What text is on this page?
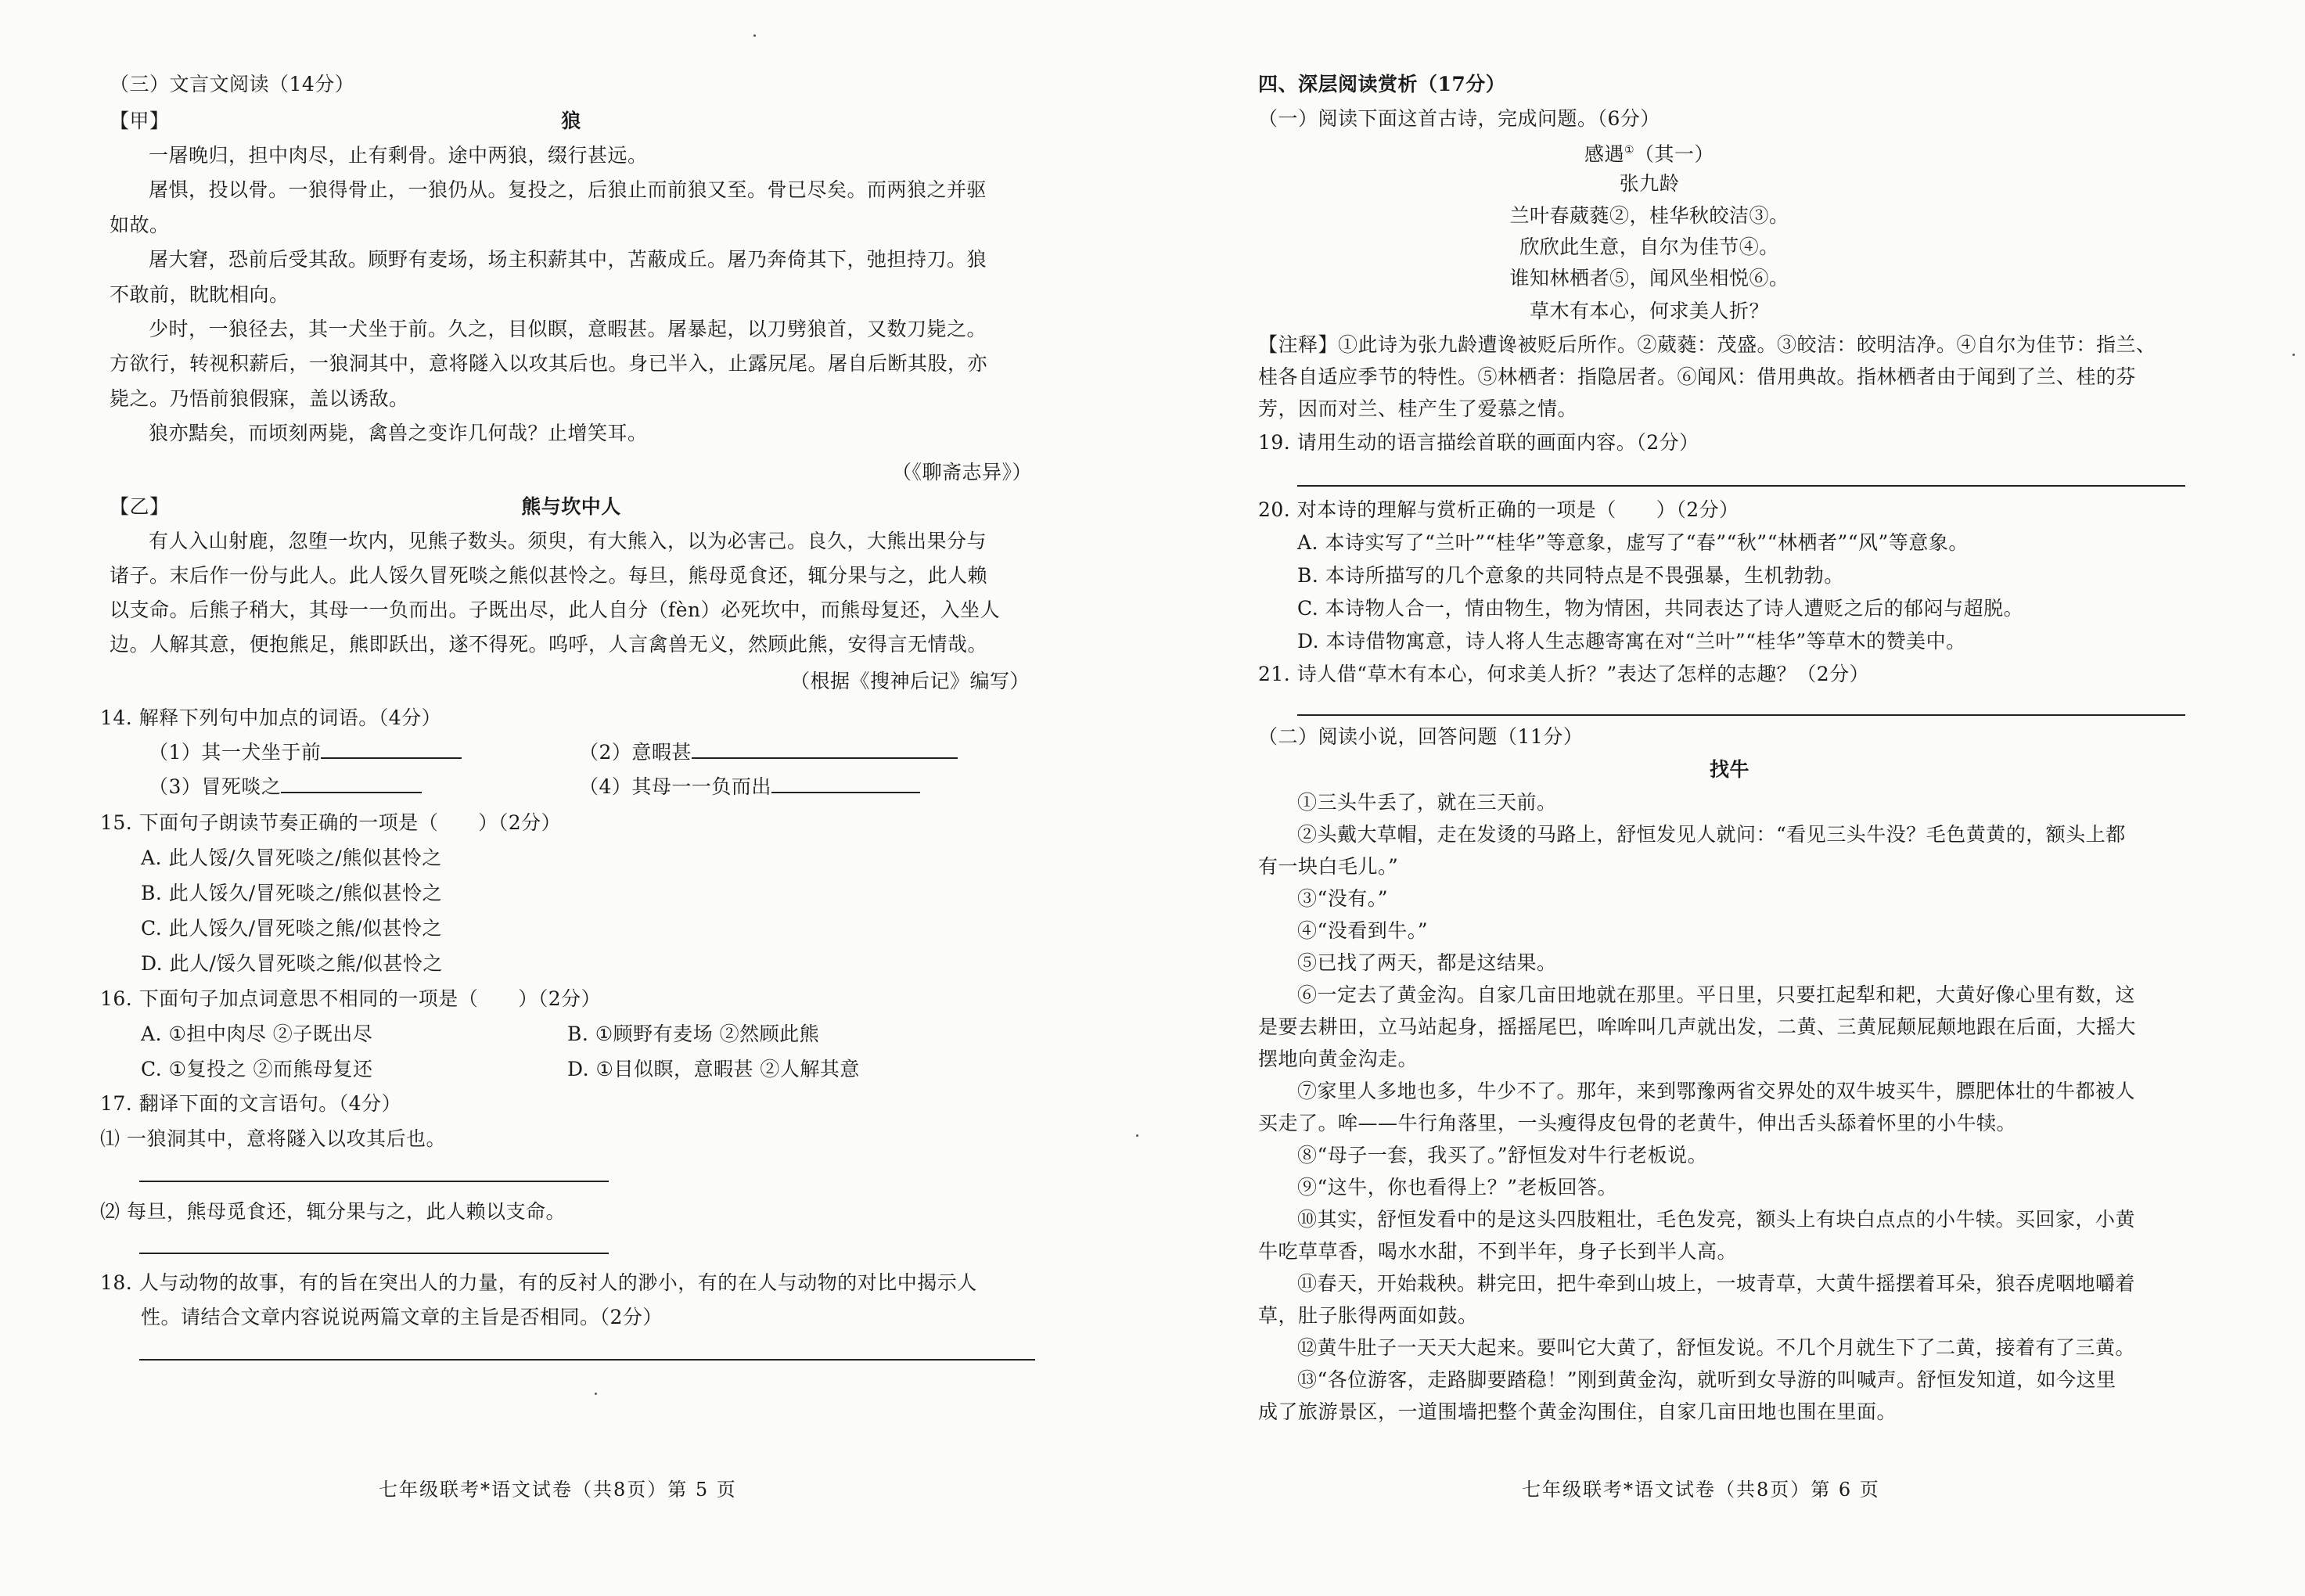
（三）文言文阅读（14分）
【甲】	狼
一屠晚归，担中肉尽，止有剩骨。途中两狼，缀行甚远。
屠惧，投以骨。一狼得骨止，一狼仍从。复投之，后狼止而前狼又至。骨已尽矣。而两狼之并驱
如故。
屠大窘，恐前后受其敌。顾野有麦场，场主积薪其中，苫蔽成丘。屠乃奔倚其下，弛担持刀。狼
不敢前，眈眈相向。
少时，一狼径去，其一犬坐于前。久之，目似瞑，意暇甚。屠暴起，以刀劈狼首，又数刀毙之。
方欲行，转视积薪后，一狼洞其中，意将隧入以攻其后也。身已半入，止露尻尾。屠自后断其股，亦
毙之。乃悟前狼假寐，盖以诱敌。
狼亦黠矣，而顷刻两毙，禽兽之变诈几何哉？止增笑耳。
（《聊斋志异》）
【乙】	熊与坎中人
有人入山射鹿，忽堕一坎内，见熊子数头。须臾，有大熊入，以为必害己。良久，大熊出果分与
诸子。末后作一份与此人。此人馁久冒死啖之熊似甚怜之。每旦，熊母觅食还，辄分果与之，此人赖
以支命。后熊子稍大，其母一一负而出。子既出尽，此人自分（fèn）必死坎中，而熊母复还，入坐人
边。人解其意，便抱熊足，熊即跃出，遂不得死。呜呼，人言禽兽无义，然顾此熊，安得言无情哉。
（根据《搜神后记》编写）
14. 解释下列句中加点的词语。（4分）
（1）其一犬坐于前	（2）意暇甚
（3）冒死啖之	（4）其母一一负而出
15. 下面句子朗读节奏正确的一项是（　　）（2分）
A. 此人馁/久冒死啖之/熊似甚怜之
B. 此人馁久/冒死啖之/熊似甚怜之
C. 此人馁久/冒死啖之熊/似甚怜之
D. 此人/馁久冒死啖之熊/似甚怜之
16. 下面句子加点词意思不相同的一项是（　　）（2分）
A. ①担中肉尽 ②子既出尽	B. ①顾野有麦场 ②然顾此熊
C. ①复投之 ②而熊母复还	D. ①目似瞑，意暇甚 ②人解其意
17. 翻译下面的文言语句。（4分）
⑴ 一狼洞其中，意将隧入以攻其后也。
⑵ 每旦，熊母觅食还，辄分果与之，此人赖以支命。
18. 人与动物的故事，有的旨在突出人的力量，有的反衬人的渺小，有的在人与动物的对比中揭示人
性。请结合文章内容说说两篇文章的主旨是否相同。（2分）
七年级联考*语文试卷（共8页）第 5 页
四、深层阅读赏析（17分）
（一）阅读下面这首古诗，完成问题。（6分）
感遇①（其一）
张九龄
兰叶春葳蕤②，桂华秋皎洁③。
欣欣此生意，自尔为佳节④。
谁知林栖者⑤，闻风坐相悦⑥。
草木有本心，何求美人折？
【注释】①此诗为张九龄遭谗被贬后所作。②葳蕤：茂盛。③皎洁：皎明洁净。④自尔为佳节：指兰、
桂各自适应季节的特性。⑤林栖者：指隐居者。⑥闻风：借用典故。指林栖者由于闻到了兰、桂的芬
芳，因而对兰、桂产生了爱慕之情。
19. 请用生动的语言描绘首联的画面内容。（2分）
20. 对本诗的理解与赏析正确的一项是（　　）（2分）
A. 本诗实写了“兰叶”“桂华”等意象，虚写了“春”“秋”“林栖者”“风”等意象。
B. 本诗所描写的几个意象的共同特点是不畏强暴，生机勃勃。
C. 本诗物人合一，情由物生，物为情困，共同表达了诗人遭贬之后的郁闷与超脱。
D. 本诗借物寓意，诗人将人生志趣寄寓在对“兰叶”“桂华”等草木的赞美中。
21. 诗人借“草木有本心，何求美人折？”表达了怎样的志趣？（2分）
（二）阅读小说，回答问题（11分）
找牛
①三头牛丢了，就在三天前。
②头戴大草帽，走在发烫的马路上，舒恒发见人就问：“看见三头牛没？毛色黄黄的，额头上都
有一块白毛儿。”
③“没有。”
④“没看到牛。”
⑤已找了两天，都是这结果。
⑥一定去了黄金沟。自家几亩田地就在那里。平日里，只要扛起犁和耙，大黄好像心里有数，这
是要去耕田，立马站起身，摇摇尾巴，哞哞叫几声就出发，二黄、三黄屁颠屁颠地跟在后面，大摇大
摆地向黄金沟走。
⑦家里人多地也多，牛少不了。那年，来到鄂豫两省交界处的双牛坡买牛，膘肥体壮的牛都被人
买走了。哞——牛行角落里，一头瘦得皮包骨的老黄牛，伸出舌头舔着怀里的小牛犊。
⑧“母子一套，我买了。”舒恒发对牛行老板说。
⑨“这牛，你也看得上？”老板回答。
⑩其实，舒恒发看中的是这头四肢粗壮，毛色发亮，额头上有块白点点的小牛犊。买回家，小黄
牛吃草草香，喝水水甜，不到半年，身子长到半人高。
⑪春天，开始栽秧。耕完田，把牛牵到山坡上，一坡青草，大黄牛摇摆着耳朵，狼吞虎咽地嚼着
草，肚子胀得两面如鼓。
⑫黄牛肚子一天天大起来。要叫它大黄了，舒恒发说。不几个月就生下了二黄，接着有了三黄。
⑬“各位游客，走路脚要踏稳！”刚到黄金沟，就听到女导游的叫喊声。舒恒发知道，如今这里
成了旅游景区，一道围墙把整个黄金沟围住，自家几亩田地也围在里面。
七年级联考*语文试卷（共8页）第 6 页
